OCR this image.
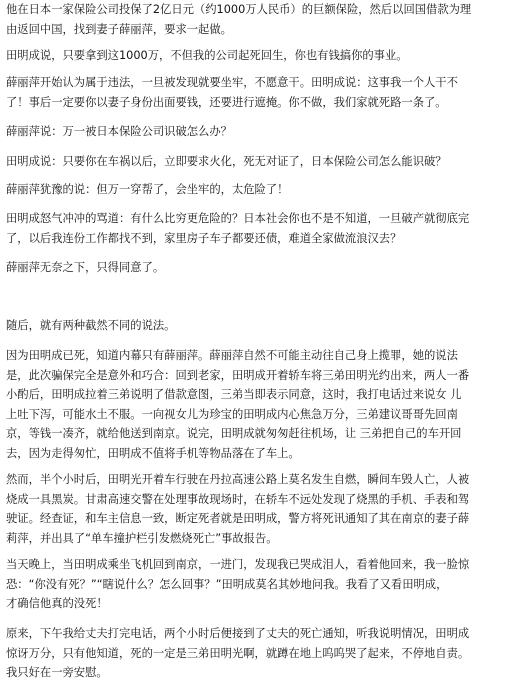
他在日本一家保险公司投保了2亿日元（约1000万人民币）的巨额保险，然后以回国借款为理
由返回中国，找到妻子薛丽萍，要求一起做。
田明成说，只要拿到这1000万，不但我的公司起死回生，你也有钱搞你的事业。
薛丽萍开始认为属于违法，一旦被发现就要坐牢，不愿意干。田明成说：这事我一个人干不
了！事后一定要你以妻子身份出面要钱，还要进行遮掩。你不做，我们家就死路一条了。
薛丽萍说：万一被日本保险公司识破怎么办？
田明成说：只要你在车祸以后，立即要求火化，死无对证了，日本保险公司怎么能识破？
薛丽萍犹豫的说：但万一穿帮了，会坐牢的，太危险了！
田明成怒气冲冲的骂道：有什么比穷更危险的？日本社会你也不是不知道，一旦破产就彻底完
了，以后我连份工作都找不到，家里房子车子都要还债，难道全家做流浪汉去？
薛丽萍无奈之下，只得同意了。
随后，就有两种截然不同的说法。
因为田明成已死，知道内幕只有薛丽萍。薛丽萍自然不可能主动往自己身上揽罪，她的说法
是，此次骗保完全是意外和巧合：回到老家，田明成开着轿车将三弟田明光约出来，两人一番
小酌后，田明成拉着三弟说明了借款意图，三弟当即表示同意，这时，我打电话过来说女 儿
上吐下泻，可能水土不服。一向视女儿为珍宝的田明成内心焦急万分，三弟建议哥哥先回南
京，等钱一凑齐，就给他送到南京。说完，田明成就匆匆赶往机场，让 三弟把自己的车开回
去，因为走得匆忙，田明成不值将手机等物品落在了车上。
然而，半个小时后，田明光开着车行驶在丹拉高速公路上莫名发生自燃，瞬间车毁人亡，人被
烧成一具黑炭。甘肃高速交警在处理事故现场时，在轿车不远处发现了烧黑的手机、手表和驾
驶证。经查证，和车主信息一致，断定死者就是田明成，警方将死讯通知了其在南京的妻子薛
莉萍，并出具了“单车撞护栏引发燃烧死亡”事故报告。
当天晚上，当田明成乘坐飞机回到南京，一进门，发现我已哭成泪人，看着他回来，我一脸惊
恐：“你没有死？”“瞎说什么？怎么回事？”田明成莫名其妙地问我。我看了又看田明成，
才确信他真的没死！
原来，下午我给丈夫打完电话，两个小时后便接到了丈夫的死亡通知，听我说明情况，田明成
惊讶万分，只有他知道，死的一定是三弟田明光啊，就蹲在地上呜呜哭了起来，不停地自责。
我只好在一旁安慰。
